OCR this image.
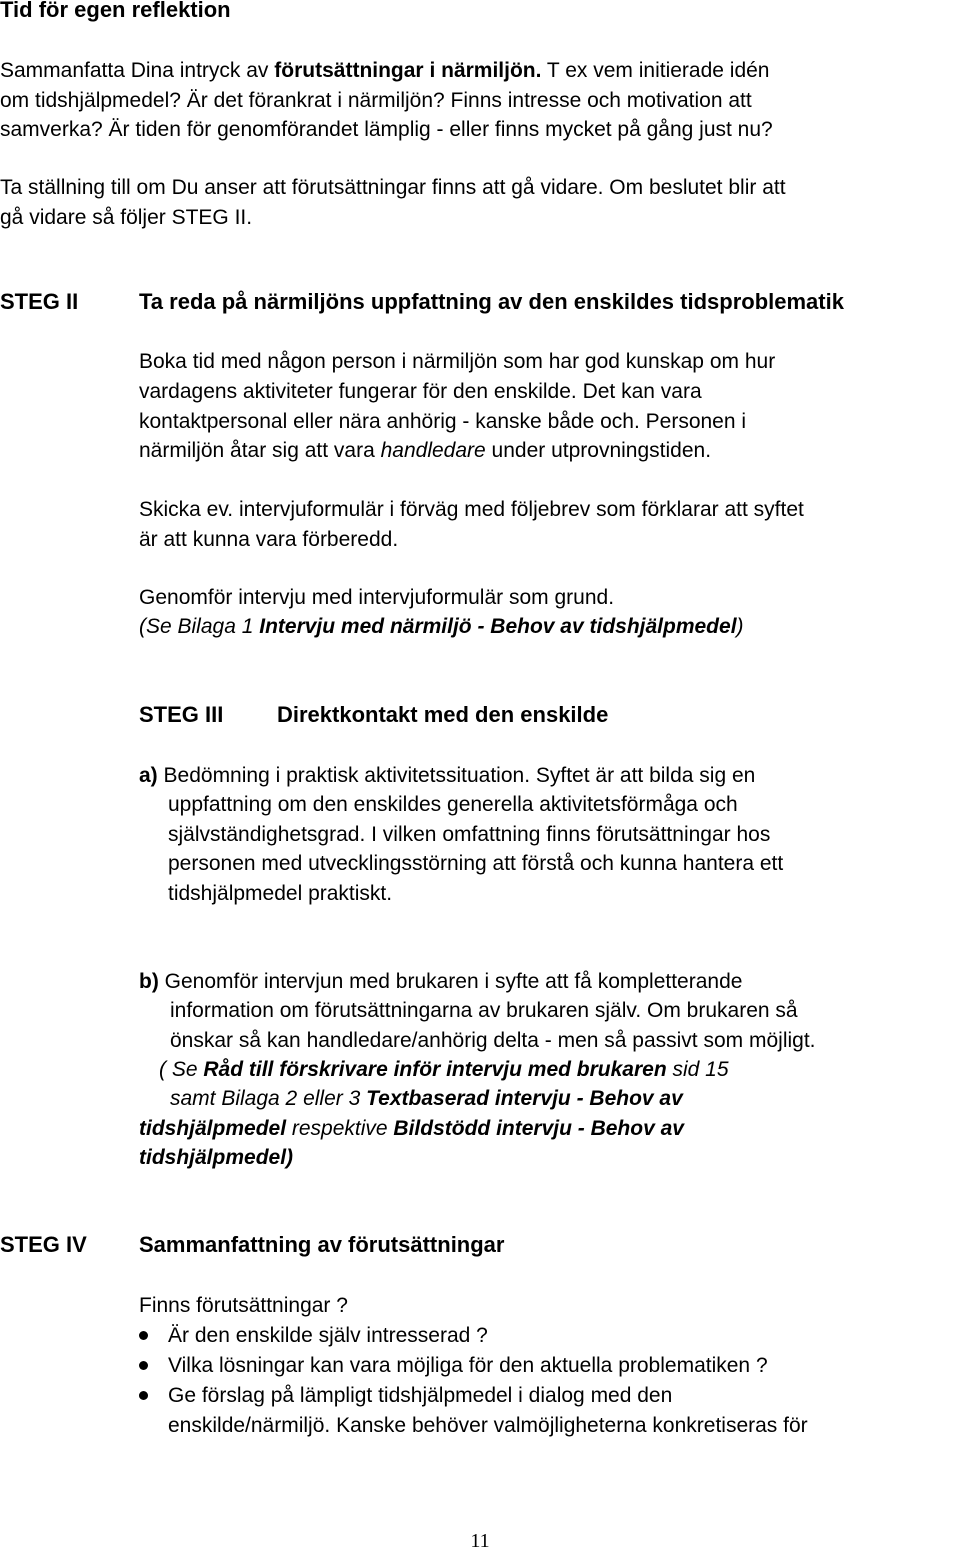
Tid för egen reflektion
Sammanfatta Dina intryck av förutsättningar i närmiljön. T ex vem initierade idén
om tidshjälpmedel? Är det förankrat i närmiljön? Finns intresse och motivation att
samverka? Är tiden för genomförandet lämplig - eller finns mycket på gång just nu?
Ta ställning till om Du anser att förutsättningar finns att gå vidare. Om beslutet blir att
gå vidare så följer STEG II.
STEG II	Ta reda på närmiljöns uppfattning av den enskildes tidsproblematik
Boka tid med någon person i närmiljön som har god kunskap om hur
vardagens aktiviteter fungerar för den enskilde. Det kan vara
kontaktpersonal eller nära anhörig - kanske både och. Personen i
närmiljön åtar sig att vara handledare under utprovningstiden.
Skicka ev. intervjuformulär i förväg med följebrev som förklarar att syftet
är att kunna vara förberedd.
Genomför intervju med intervjuformulär som grund.
(Se Bilaga 1 Intervju med närmiljö - Behov av tidshjälpmedel)
STEG III Direktkontakt med den enskilde
a) Bedömning i praktisk aktivitetssituation. Syftet är att bilda sig en
uppfattning om den enskildes generella aktivitetsförmåga och
självständighetsgrad. I vilken omfattning finns förutsättningar hos
personen med utvecklingsstörning att förstå och kunna hantera ett
tidshjälpmedel praktiskt.
b) Genomför intervjun med brukaren i syfte att få kompletterande
information om förutsättningarna av brukaren själv. Om brukaren så
önskar så kan handledare/anhörig delta - men så passivt som möjligt.
( Se Råd till förskrivare inför intervju med brukaren sid 15
samt Bilaga 2 eller 3 Textbaserad intervju - Behov av
tidshjälpmedel respektive Bildstödd intervju - Behov av
tidshjälpmedel)
STEG IV Sammanfattning av förutsättningar
Finns förutsättningar ?
Är den enskilde själv intresserad ?
Vilka lösningar kan vara möjliga för den aktuella problematiken ?
Ge förslag på lämpligt tidshjälpmedel i dialog med den
enskilde/närmiljö. Kanske behöver valmöjligheterna konkretiseras för
11
